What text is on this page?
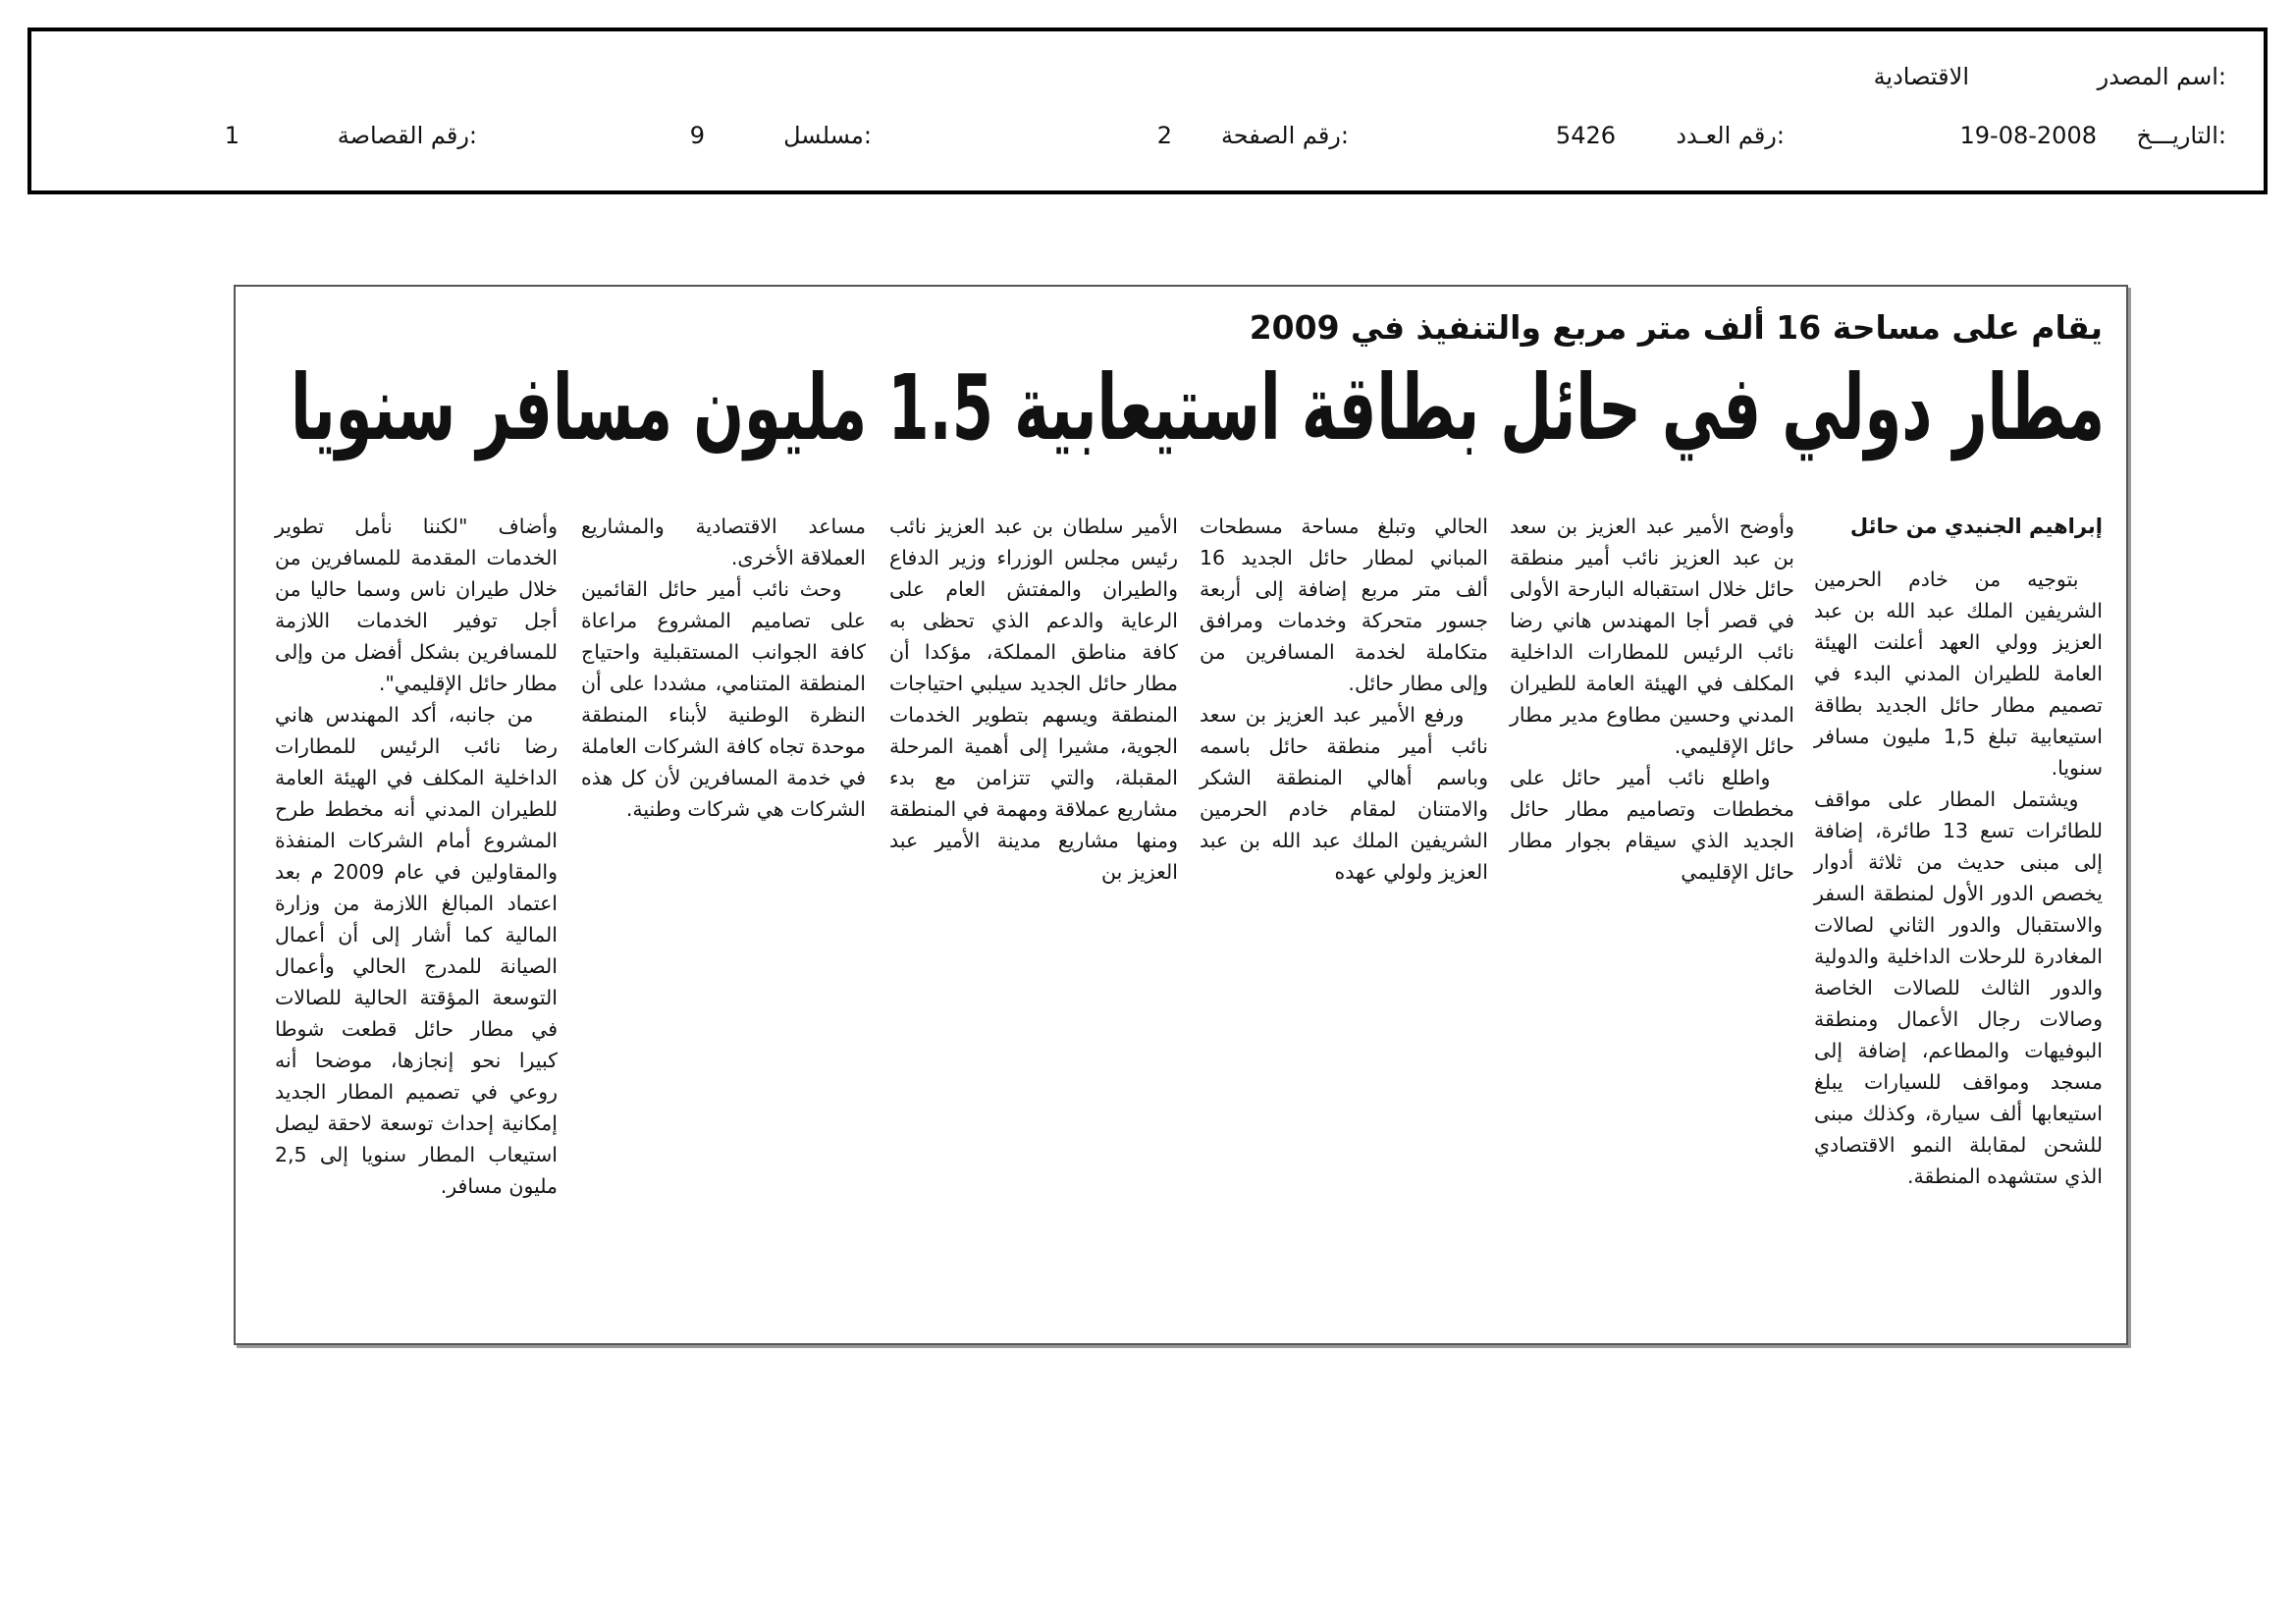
اسم المصدر:
الاقتصادية
التاريـــخ:
19-08-2008
رقم العـدد:
5426
رقم الصفحة:
2
مسلسل:
9
رقم القصاصة:
1
يقام على مساحة 16 ألف متر مربع والتنفيذ في 2009
مطار دولي في حائل بطاقة استيعابية 1.5 مليون مسافر سنويا

إبراهيم الجنيدي من حائل

بتوجيه من خادم الحرمين الشريفين الملك عبد الله بن عبد العزيز وولي العهد أعلنت الهيئة العامة للطيران المدني البدء في تصميم مطار حائل الجديد بطاقة استيعابية تبلغ 1,5 مليون مسافر سنويا.

ويشتمل المطار على مواقف للطائرات تسع 13 طائرة، إضافة إلى مبنى حديث من ثلاثة أدوار يخصص الدور الأول لمنطقة السفر والاستقبال والدور الثاني لصالات المغادرة للرحلات الداخلية والدولية والدور الثالث للصالات الخاصة وصالات رجال الأعمال ومنطقة البوفيهات والمطاعم، إضافة إلى مسجد ومواقف للسيارات يبلغ استيعابها ألف سيارة، وكذلك مبنى للشحن لمقابلة النمو الاقتصادي الذي ستشهده المنطقة.

وأوضح الأمير عبد العزيز بن سعد بن عبد العزيز نائب أمير منطقة حائل خلال استقباله البارحة الأولى في قصر أجا المهندس هاني رضا نائب الرئيس للمطارات الداخلية المكلف في الهيئة العامة للطيران المدني وحسين مطاوع مدير مطار حائل الإقليمي.

واطلع نائب أمير حائل على مخططات وتصاميم مطار حائل الجديد الذي سيقام بجوار مطار حائل الإقليمي

الحالي وتبلغ مساحة مسطحات المباني لمطار حائل الجديد 16 ألف متر مربع إضافة إلى أربعة جسور متحركة وخدمات ومرافق متكاملة لخدمة المسافرين من وإلى مطار حائل.

ورفع الأمير عبد العزيز بن سعد نائب أمير منطقة حائل باسمه وباسم أهالي المنطقة الشكر والامتنان لمقام خادم الحرمين الشريفين الملك عبد الله بن عبد العزيز ولولي عهده

الأمير سلطان بن عبد العزيز نائب رئيس مجلس الوزراء وزير الدفاع والطيران والمفتش العام على الرعاية والدعم الذي تحظى به كافة مناطق المملكة، مؤكدا أن مطار حائل الجديد سيلبي احتياجات المنطقة ويسهم بتطوير الخدمات الجوية، مشيرا إلى أهمية المرحلة المقبلة، والتي تتزامن مع بدء مشاريع عملاقة ومهمة في المنطقة ومنها مشاريع مدينة الأمير عبد العزيز بن

مساعد الاقتصادية والمشاريع العملاقة الأخرى.

وحث نائب أمير حائل القائمين على تصاميم المشروع مراعاة كافة الجوانب المستقبلية واحتياج المنطقة المتنامي، مشددا على أن النظرة الوطنية لأبناء المنطقة موحدة تجاه كافة الشركات العاملة في خدمة المسافرين لأن كل هذه الشركات هي شركات وطنية.

وأضاف "لكننا نأمل تطوير الخدمات المقدمة للمسافرين من خلال طيران ناس وسما حاليا من أجل توفير الخدمات اللازمة للمسافرين بشكل أفضل من وإلى مطار حائل الإقليمي".

من جانبه، أكد المهندس هاني رضا نائب الرئيس للمطارات الداخلية المكلف في الهيئة العامة للطيران المدني أنه مخطط طرح المشروع أمام الشركات المنفذة والمقاولين في عام 2009 م بعد اعتماد المبالغ اللازمة من وزارة المالية كما أشار إلى أن أعمال الصيانة للمدرج الحالي وأعمال التوسعة المؤقتة الحالية للصالات في مطار حائل قطعت شوطا كبيرا نحو إنجازها، موضحا أنه روعي في تصميم المطار الجديد إمكانية إحداث توسعة لاحقة ليصل استيعاب المطار سنويا إلى 2,5 مليون مسافر.
